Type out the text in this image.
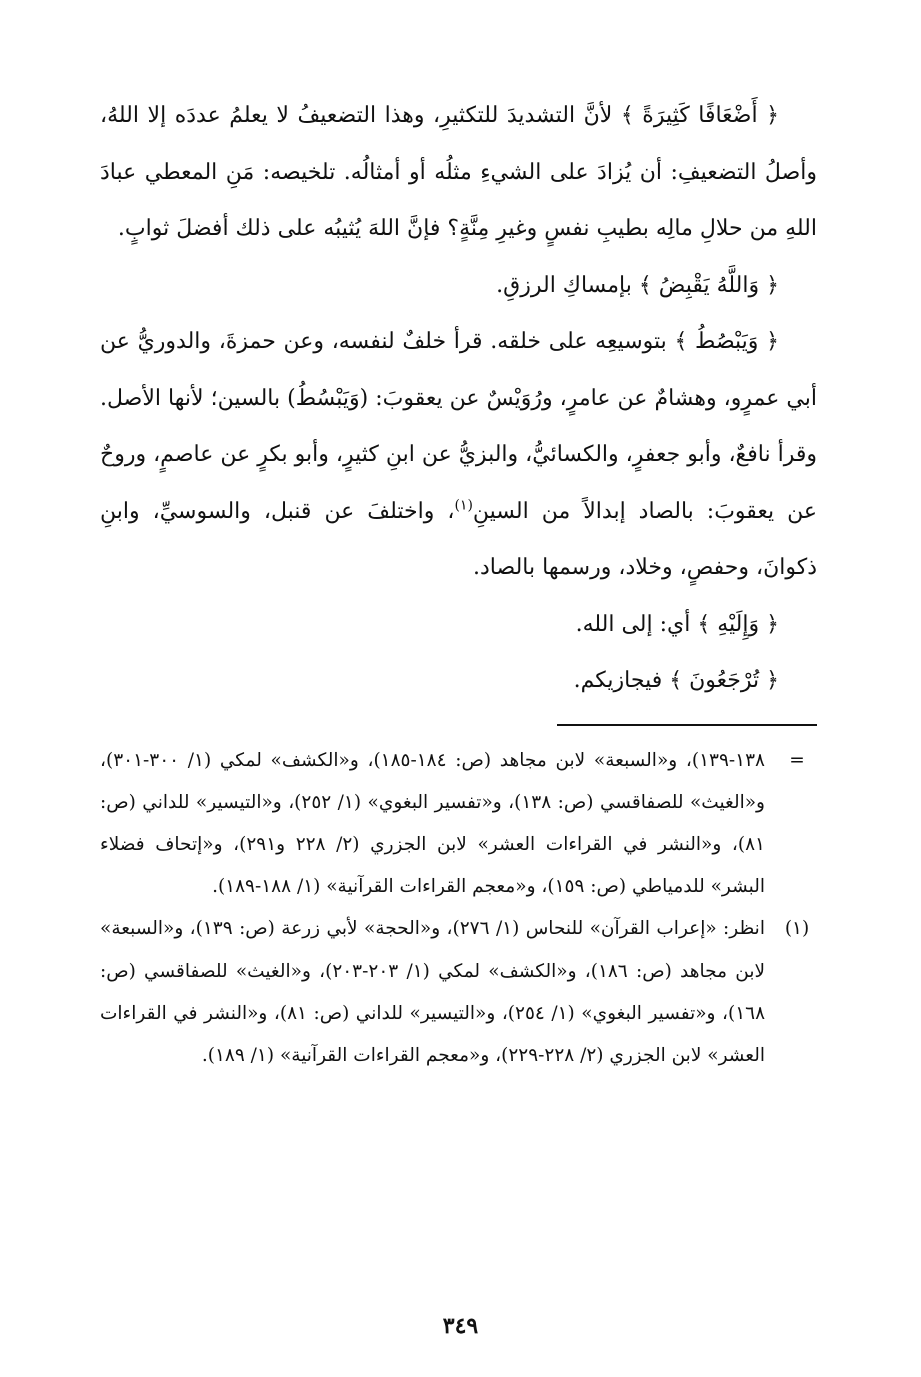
﴿ أَضْعَافًا كَثِيرَةً ﴾ لأنَّ التشديدَ للتكثيرِ، وهذا التضعيفُ لا يعلمُ عددَه إلا اللهُ، وأصلُ التضعيفِ: أن يُزادَ على الشيءِ مثلُه أو أمثالُه. تلخيصه: مَنِ المعطي عبادَ اللهِ من حلالِ مالِه بطيبِ نفسٍ وغيرِ مِنَّةٍ؟ فإنَّ اللهَ يُثيبُه على ذلك أفضلَ ثوابٍ.

﴿ وَاللَّهُ يَقْبِضُ ﴾ بإمساكِ الرزقِ.

﴿ وَيَبْصُطُ ﴾ بتوسيعِه على خلقه. قرأ خلفٌ لنفسه، وعن حمزةَ، والدوريُّ عن أبي عمرٍو، وهشامٌ عن عامرٍ، ورُوَيْسٌ عن يعقوبَ: (وَيَبْسُطُ) بالسين؛ لأنها الأصل. وقرأ نافعٌ، وأبو جعفرٍ، والكسائيُّ، والبزيُّ عن ابنِ كثيرٍ، وأبو بكرٍ عن عاصمٍ، وروحٌ عن يعقوبَ: بالصاد إبدالاً من السينِ$^{(١)}$، واختلفَ عن قنبل، والسوسيِّ، وابنِ ذكوانَ، وحفصٍ، وخلاد، ورسمها بالصاد.

﴿ وَإِلَيْهِ ﴾ أي: إلى الله.

﴿ تُرْجَعُونَ ﴾ فيجازيكم.

=
١٣٨-١٣٩)، و«السبعة» لابن مجاهد (ص: ١٨٤-١٨٥)، و«الكشف» لمكي (١/ ٣٠٠-٣٠١)، و«الغيث» للصفاقسي (ص: ١٣٨)، و«تفسير البغوي» (١/ ٢٥٢)، و«التيسير» للداني (ص: ٨١)، و«النشر في القراءات العشر» لابن الجزري (٢/ ٢٢٨ و٢٩١)، و«إتحاف فضلاء البشر» للدمياطي (ص: ١٥٩)، و«معجم القراءات القرآنية» (١/ ١٨٨-١٨٩).
(١)
انظر: «إعراب القرآن» للنحاس (١/ ٢٧٦)، و«الحجة» لأبي زرعة (ص: ١٣٩)، و«السبعة» لابن مجاهد (ص: ١٨٦)، و«الكشف» لمكي (١/ ٢٠٣-٢٠٣)، و«الغيث» للصفاقسي (ص: ١٦٨)، و«تفسير البغوي» (١/ ٢٥٤)، و«التيسير» للداني (ص: ٨١)، و«النشر في القراءات العشر» لابن الجزري (٢/ ٢٢٨-٢٢٩)، و«معجم القراءات القرآنية» (١/ ١٨٩).
٣٤٩
